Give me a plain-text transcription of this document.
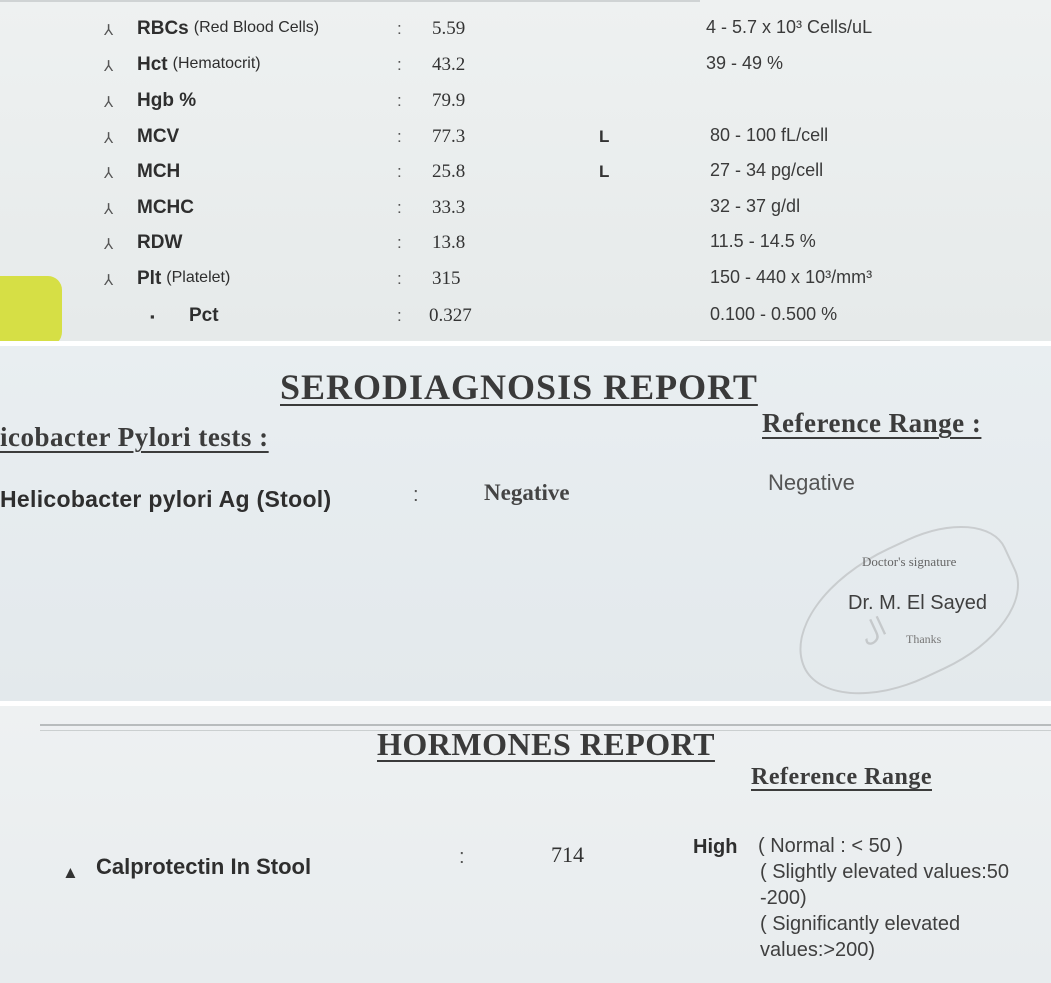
⅄ RBCs (Red Blood Cells)	: 5.59	4 - 5.7 x 10³ Cells/uL
⅄ Hct (Hematocrit)	: 43.2	39 - 49 %
⅄ Hgb %	: 79.9
⅄ MCV	: 77.3	L	80 - 100 fL/cell
⅄ MCH	: 25.8	L	27 - 34 pg/cell
⅄ MCHC	: 33.3	32 - 37 g/dl
⅄ RDW	: 13.8	11.5 - 14.5 %
⅄ Plt (Platelet)	: 315	150 - 440 x 10³/mm³
▪ Pct	: 0.327	0.100 - 0.500 %
SERODIAGNOSIS REPORT
icobacter Pylori tests :	Reference Range :
Helicobacter pylori Ag (Stool)	:	Negative	Negative
ال
Doctor's signature
Dr. M. El Sayed
Thanks
HORMONES REPORT
Reference Range
▲ Calprotectin In Stool	:	714	High ( Normal : < 50 )
( Slightly elevated values:50
-200)
( Significantly elevated
values:>200)
